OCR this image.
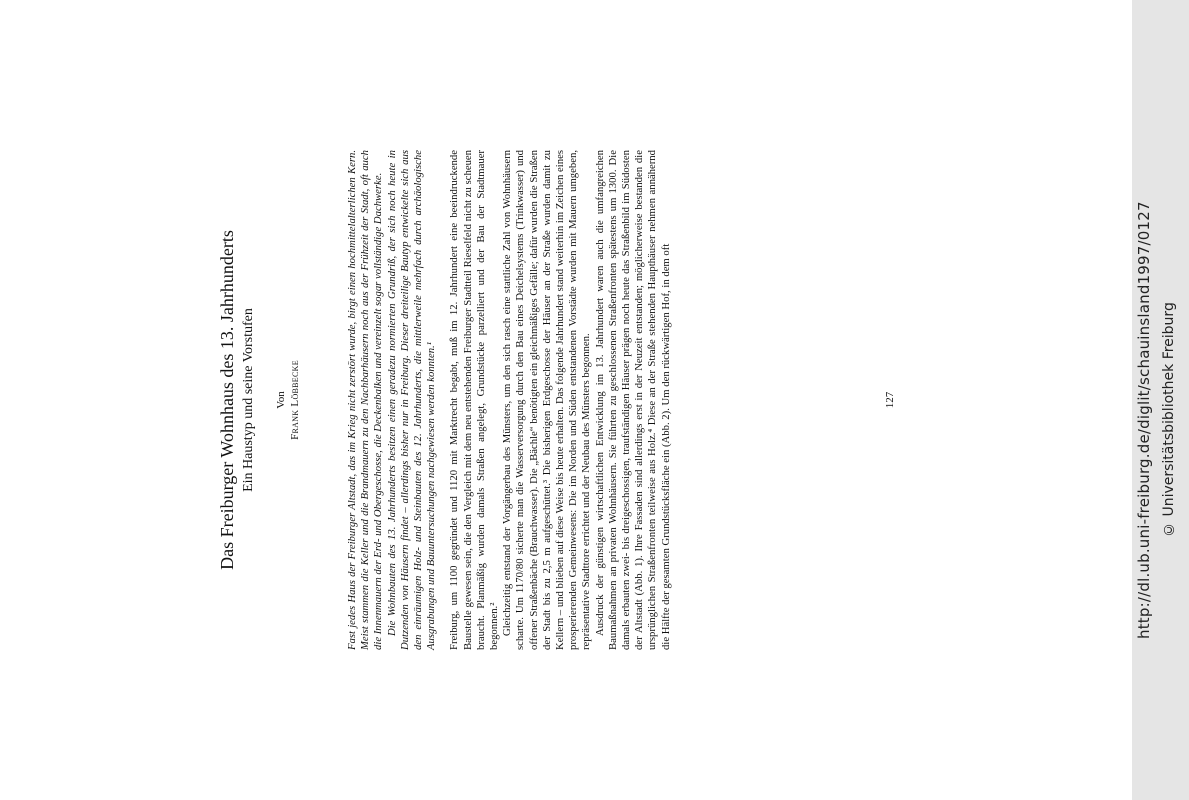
Das Freiburger Wohnhaus des 13. Jahrhunderts Ein Haustyp und seine Vorstufen Von Frank Löbbecke	Fast jedes Haus der Freiburger Altstadt, das im Krieg nicht zerstört wurde, birgt einen hochmittelalterlichen Kern. Meist stammen die Keller und die Brandmauern zu den Nachbarhäusern noch aus der Frühzeit der Stadt, oft auch die Innenmauern der Erd- und Obergeschosse, die Deckenbalken und vereinzelt sogar vollständige Dachwerke. Die Wohnbauten des 13. Jahrhunderts besitzen einen geradezu normierten Grundriß, der sich noch heute in Dutzenden von Häusern findet – allerdings bisher nur in Freiburg. Dieser dreiteilige Bautyp entwickelte sich aus den einräumigen Holz- und Steinbauten des 12. Jahrhunderts, die mittlerweile mehrfach durch archäologische Ausgrabungen und Bauuntersuchungen nachgewiesen werden konnten.¹ Freiburg, um 1100 gegründet und 1120 mit Marktrecht begabt, muß im 12. Jahrhundert eine beeindruckende Baustelle gewesen sein, die den Vergleich mit dem neu entstehenden Freiburger Stadtteil Rieselfeld nicht zu scheuen braucht. Planmäßig wurden damals Straßen angelegt, Grundstücke parzelliert und der Bau der Stadtmauer begonnen.² Gleichzeitig entstand der Vorgängerbau des Münsters, um den sich rasch eine stattliche Zahl von Wohnhäusern scharte. Um 1170/80 sicherte man die Wasserversorgung durch den Bau eines Deichelsystems (Trinkwasser) und offener Straßenbäche (Brauchwasser). Die „Bächle“ benötigten ein gleichmäßiges Gefälle; dafür wurden die Straßen der Stadt bis zu 2,5 m aufgeschüttet.³ Die bisherigen Erdgeschosse der Häuser an der Straße wurden damit zu Kellern – und blieben auf diese Weise bis heute erhalten. Das folgende Jahrhundert stand weiterhin im Zeichen eines prosperierenden Gemeinwesens: Die im Norden und Süden entstandenen Vorstädte wurden mit Mauern umgeben, repräsentative Stadttore errichtet und der Neubau des Münsters begonnen. Ausdruck der günstigen wirtschaftlichen Entwicklung im 13. Jahrhundert waren auch die umfangreichen Baumaßnahmen an privaten Wohnhäusern. Sie führten zu geschlossenen Straßenfronten spätestens um 1300. Die damals erbauten zwei- bis dreigeschossigen, traufständigen Häuser prägen noch heute das Straßenbild im Südosten der Altstadt (Abb. 1). Ihre Fassaden sind allerdings erst in der Neuzeit entstanden; möglicherweise bestanden die ursprünglichen Straßenfronten teilweise aus Holz.⁴ Diese an der Straße stehenden Haupthäuser nehmen annähernd die Hälfte der gesamten Grundstücksfläche ein (Abb. 2). Um den rückwärtigen Hof, in dem oft	127	http://dl.ub.uni-freiburg.de/diglit/schauinsland1997/0127 © Universitätsbibliothek Freiburg
